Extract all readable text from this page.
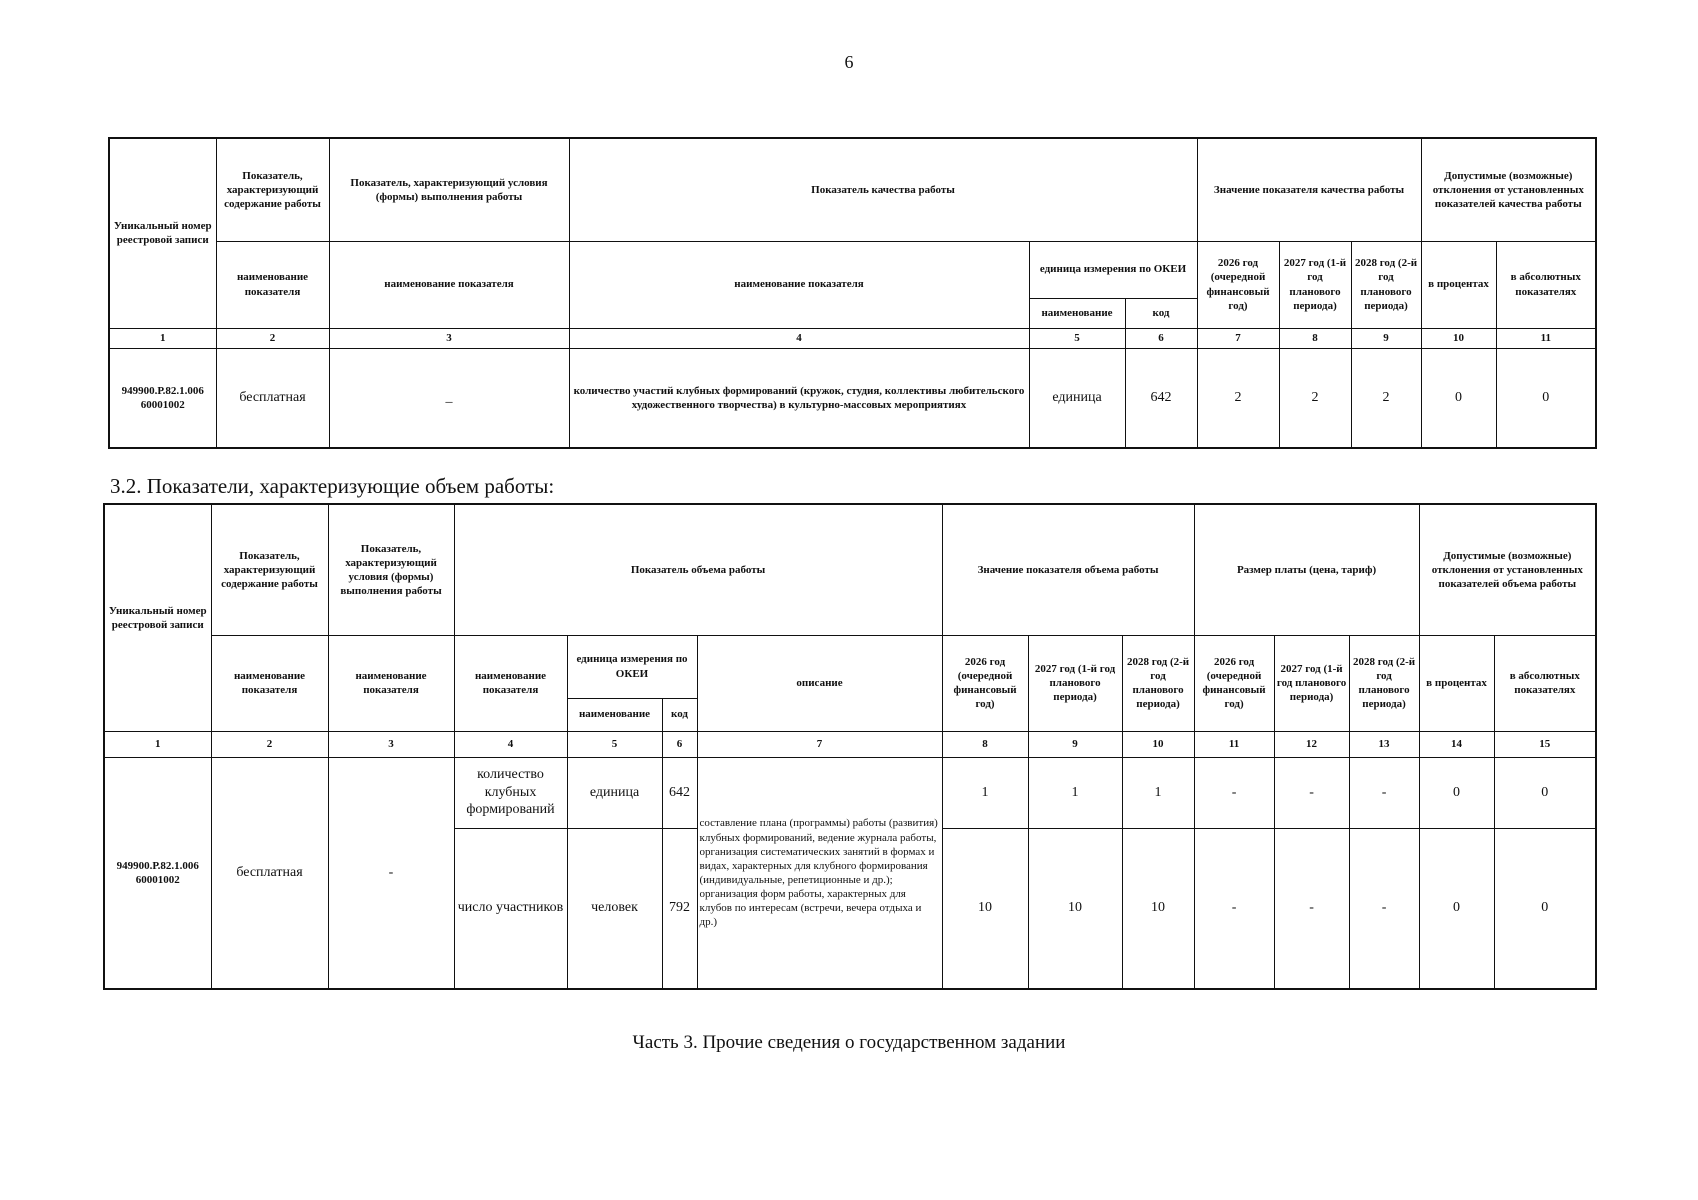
6
Уникальный номер реестровой записи	Показатель, характеризующий содержание работы	Показатель, характеризующий условия (формы) выполнения работы	Показатель качества работы			Значение показателя качества работы			Допустимые (возможные) отклонения от установленных показателей качества работы	
	наименование показателя	наименование показателя	наименование показателя	единица измерения по ОКЕИ		2026 год (очередной финансовый год)	2027 год (1-й год планового периода)	2028 год (2-й год планового периода)	в процентах	в абсолютных показателях
				наименование	код					
1	2	3	4	5	6	7	8	9	10	11
949900.Р.82.1.006 60001002	бесплатная	_	количество участий клубных формирований (кружок, студия, коллективы любительского художественного творчества) в культурно-массовых мероприятиях	единица	642	2	2	2	0	0
3.2. Показатели, характеризующие объем работы:
Уникальный номер реестровой записи	Показатель, характеризующий содержание работы	Показатель, характеризующий условия (формы) выполнения работы	Показатель объема работы				Значение показателя объема работы			Размер платы (цена, тариф)			Допустимые (возможные) отклонения от установленных показателей объема работы	
	наименование показателя	наименование показателя	наименование показателя	единица измерения по ОКЕИ		описание	2026 год (очередной финансовый год)	2027 год (1-й год планового периода)	2028 год (2-й год планового периода)	2026 год (очередной финансовый год)	2027 год (1-й год планового периода)	2028 год (2-й год планового периода)	в процентах	в абсолютных показателях
				наименование	код									
1	2	3	4	5	6	7	8	9	10	11	12	13	14	15
949900.Р.82.1.006 60001002	бесплатная	-	количество клубных формирований	единица	642	составление плана (программы) работы (развития) клубных формирований, ведение журнала работы, организация систематических занятий в формах и видах, характерных для клубного формирования (индивидуальные, репетиционные и др.); организация форм работы, характерных для клубов по интересам (встречи, вечера отдыха и др.)	1	1	1	-	-	-	0	0
			число участников	человек	792		10	10	10	-	-	-	0	0
Часть 3. Прочие сведения о государственном задании
